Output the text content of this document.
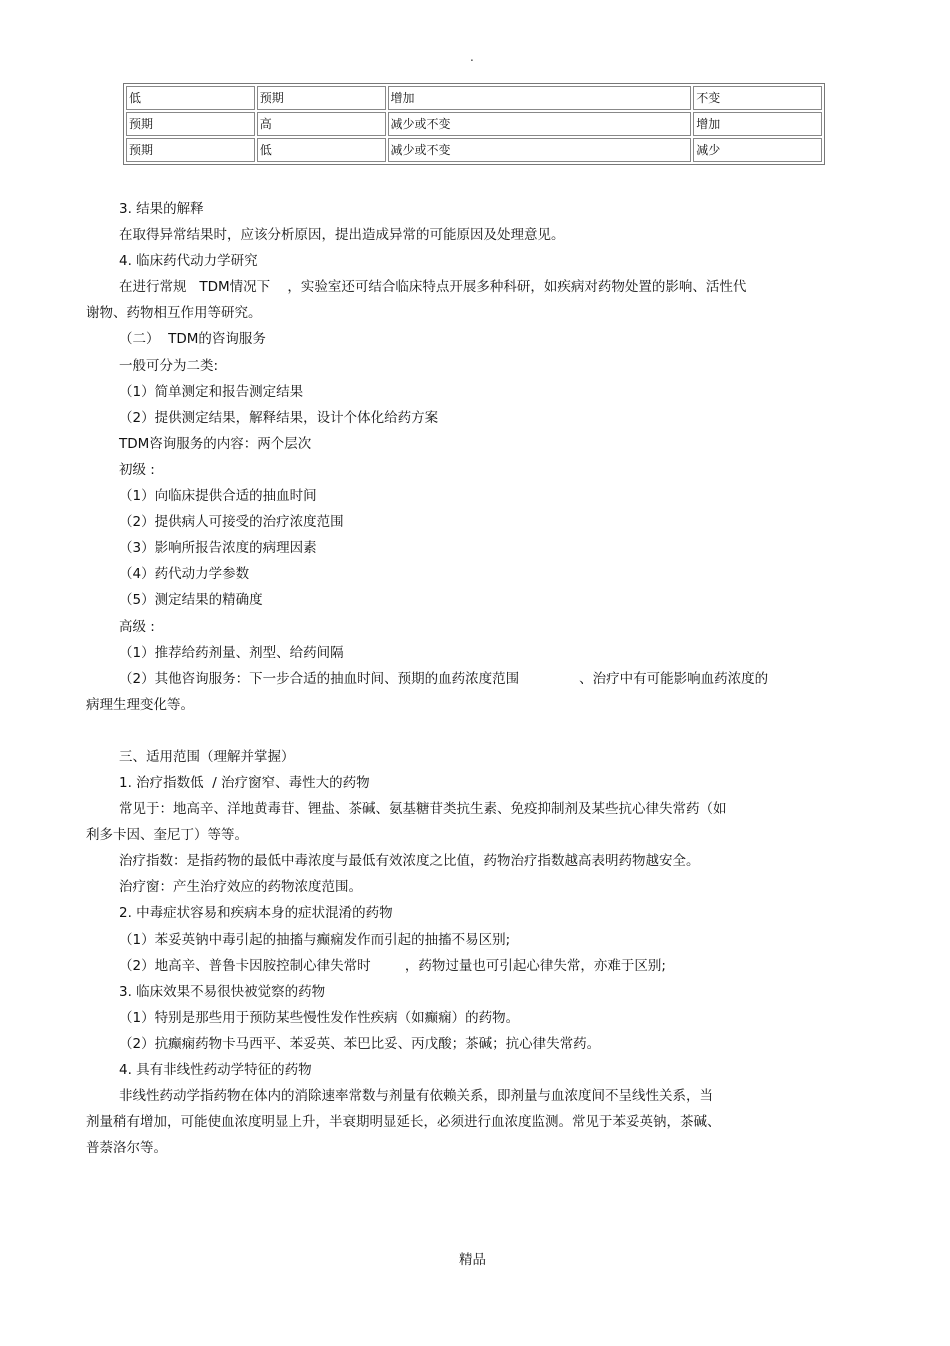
.
低	预期	增加	不变
预期	高	减少或不变	增加
预期	低	减少或不变	减少
3. 结果的解释
在取得异常结果时，应该分析原因，提出造成异常的可能原因及处理意见。
4. 临床药代动力学研究
在进行常规   TDM情况下    ，实验室还可结合临床特点开展多种科研，如疾病对药物处置的影响、活性代
谢物、药物相互作用等研究。
（二）  TDM的咨询服务
一般可分为二类:
（1）简单测定和报告测定结果
（2）提供测定结果，解释结果，设计个体化给药方案
TDM咨询服务的内容：两个层次
初级 :
（1）向临床提供合适的抽血时间
（2）提供病人可接受的治疗浓度范围
（3）影响所报告浓度的病理因素
（4）药代动力学参数
（5）测定结果的精确度
高级 :
（1）推荐给药剂量、剂型、给药间隔
（2）其他咨询服务：下一步合适的抽血时间、预期的血药浓度范围              、治疗中有可能影响血药浓度的
病理生理变化等。
三、适用范围（理解并掌握）
1. 治疗指数低  / 治疗窗窄、毒性大的药物
常见于：地高辛、洋地黄毒苷、锂盐、茶碱、氨基糖苷类抗生素、免疫抑制剂及某些抗心律失常药（如
利多卡因、奎尼丁）等等。
治疗指数：是指药物的最低中毒浓度与最低有效浓度之比值，药物治疗指数越高表明药物越安全。
治疗窗：产生治疗效应的药物浓度范围。
2. 中毒症状容易和疾病本身的症状混淆的药物
（1）苯妥英钠中毒引起的抽搐与癫痫发作而引起的抽搐不易区别;
（2）地高辛、普鲁卡因胺控制心律失常时        ，药物过量也可引起心律失常，亦难于区别;
3. 临床效果不易很快被觉察的药物
（1）特别是那些用于预防某些慢性发作性疾病（如癫痫）的药物。
（2）抗癫痫药物卡马西平、苯妥英、苯巴比妥、丙戊酸；茶碱；抗心律失常药。
4. 具有非线性药动学特征的药物
非线性药动学指药物在体内的消除速率常数与剂量有依赖关系，即剂量与血浓度间不呈线性关系，当
剂量稍有增加，可能使血浓度明显上升，半衰期明显延长，必须进行血浓度监测。常见于苯妥英钠，茶碱、
普萘洛尔等。
精品
